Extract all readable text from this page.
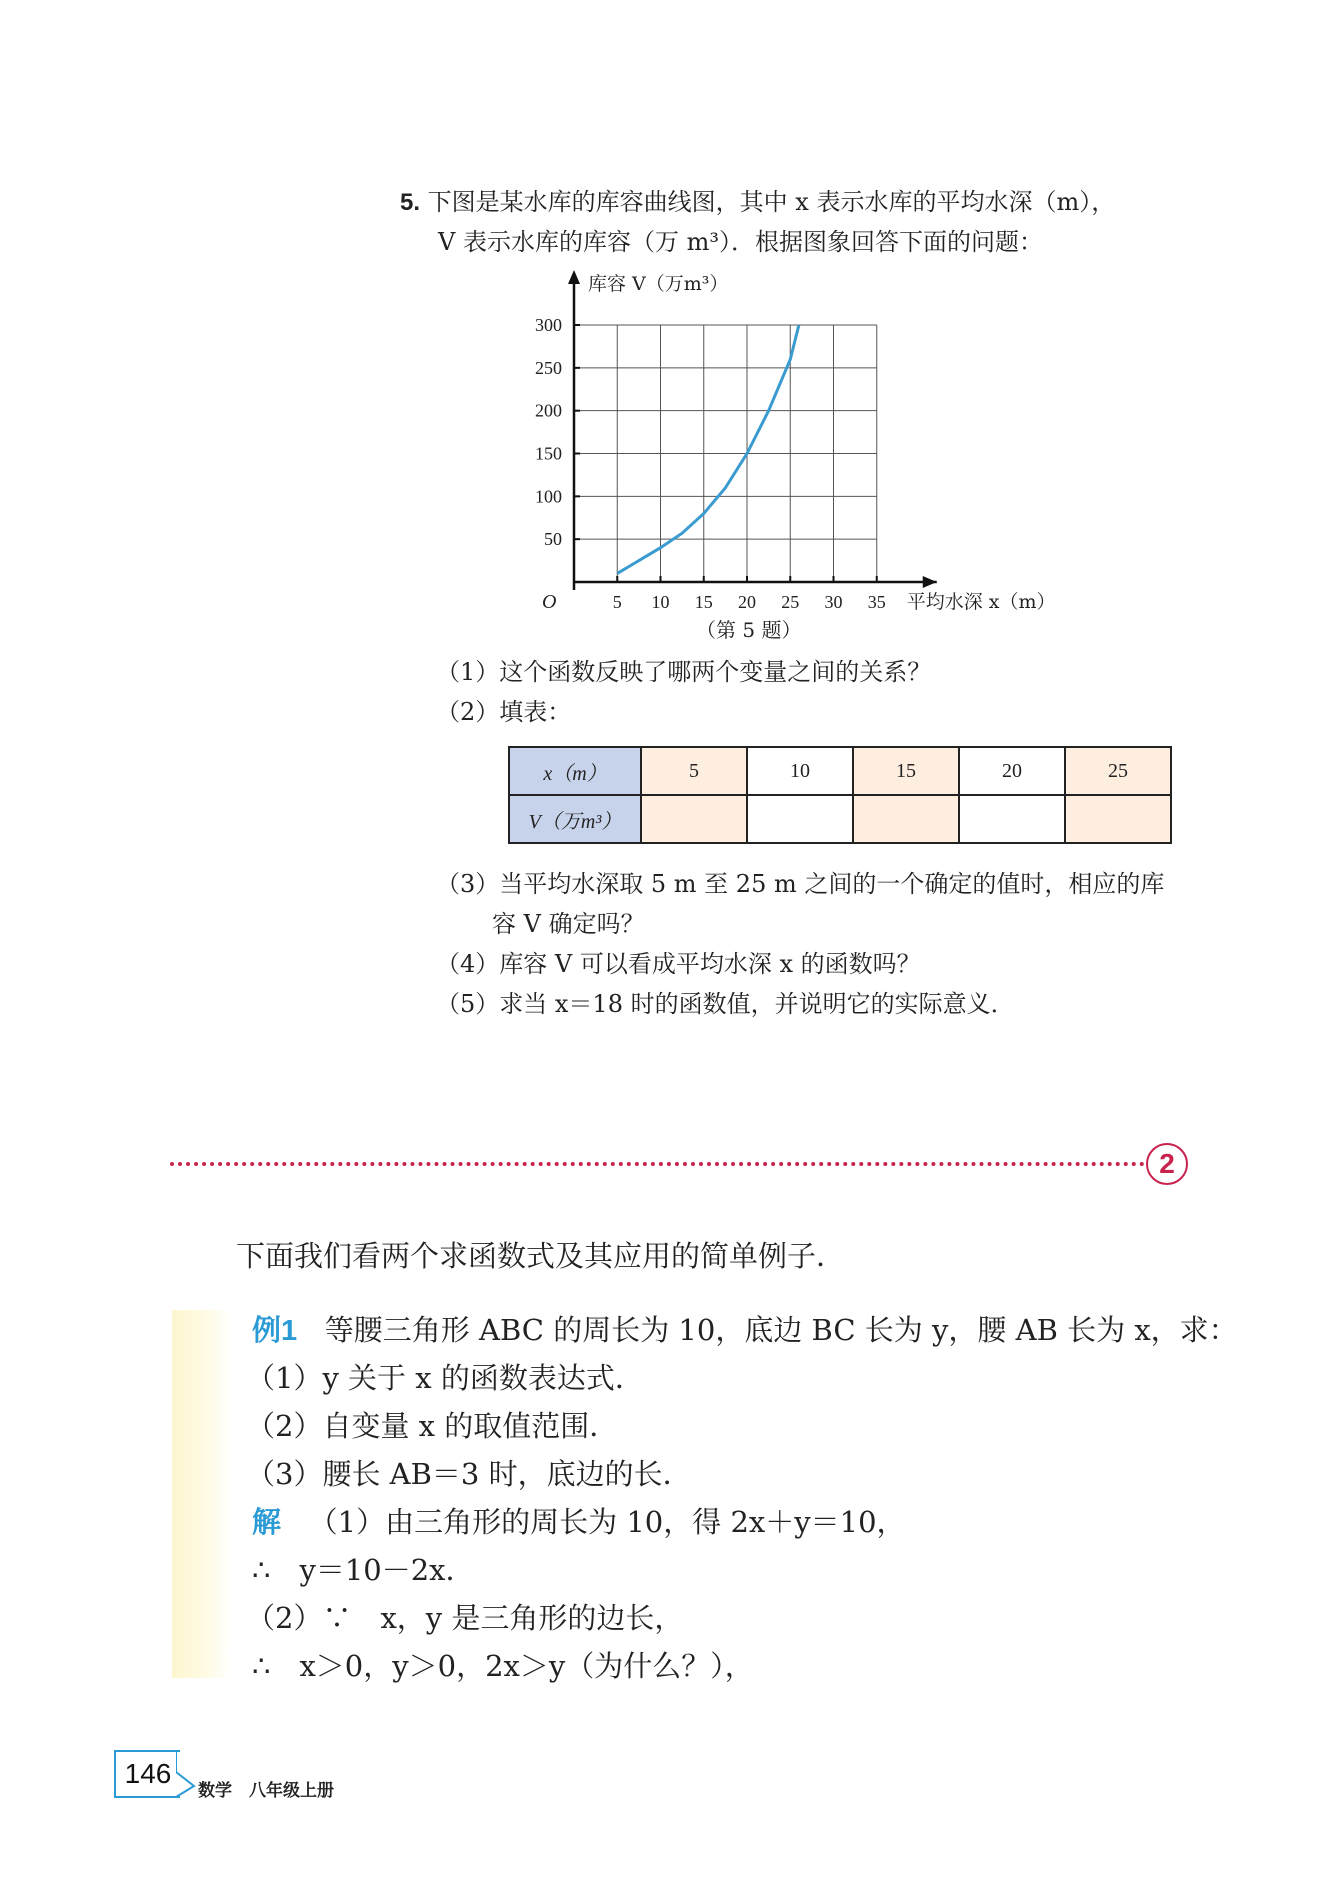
5. 下图是某水库的库容曲线图，其中 x 表示水库的平均水深（m），
V 表示水库的库容（万 m³）．根据图象回答下面的问题：
5 10 15 20 25 30 35
50
100
150
200
250
300
库容 V（万m³）
平均水深 x（m）
O
（第 5 题）
（1）这个函数反映了哪两个变量之间的关系？
（2）填表：
x（m）	5	10	15	20	25
V（万m³）					
（3）当平均水深取 5 m 至 25 m 之间的一个确定的值时，相应的库
容 V 确定吗？
（4）库容 V 可以看成平均水深 x 的函数吗？
（5）求当 x＝18 时的函数值，并说明它的实际意义．
2
下面我们看两个求函数式及其应用的简单例子．
例1 等腰三角形 ABC 的周长为 10，底边 BC 长为 y，腰 AB 长为 x，求：
（1）y 关于 x 的函数表达式．
（2）自变量 x 的取值范围．
（3）腰长 AB＝3 时，底边的长．
解 （1）由三角形的周长为 10，得 2x＋y＝10，
∴　y＝10－2x．
（2）∵　x，y 是三角形的边长，
∴　x＞0，y＞0，2x＞y（为什么？），
146
数学　八年级上册
